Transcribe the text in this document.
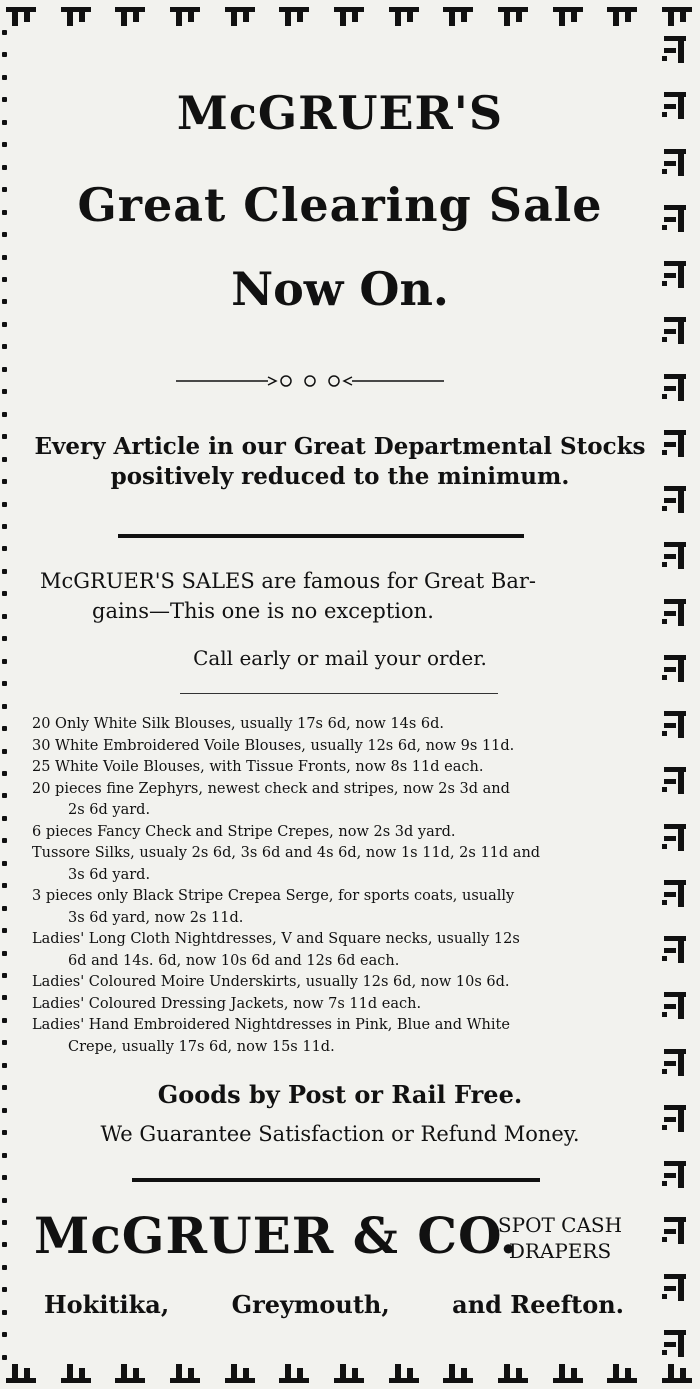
McGRUER'S
Great Clearing Sale
Now On.
Every Article in our Great Departmental Stocks
positively reduced to the minimum.
McGRUER'S SALES are famous for Great Bar-
gains—This one is no exception.
Call early or mail your order.
20 Only White Silk Blouses, usually 17s 6d, now 14s 6d.
30 White Embroidered Voile Blouses, usually 12s 6d, now 9s 11d.
25 White Voile Blouses, with Tissue Fronts, now 8s 11d each.
20 pieces fine Zephyrs, newest check and stripes, now 2s 3d and
2s 6d yard.
6 pieces Fancy Check and Stripe Crepes, now 2s 3d yard.
Tussore Silks, usualy 2s 6d, 3s 6d and 4s 6d, now 1s 11d, 2s 11d and
3s 6d yard.
3 pieces only Black Stripe Crepea Serge, for sports coats, usually
3s 6d yard, now 2s 11d.
Ladies' Long Cloth Nightdresses, V and Square necks, usually 12s
6d and 14s. 6d, now 10s 6d and 12s 6d each.
Ladies' Coloured Moire Underskirts, usually 12s 6d, now 10s 6d.
Ladies' Coloured Dressing Jackets, now 7s 11d each.
Ladies' Hand Embroidered Nightdresses in Pink, Blue and White
Crepe, usually 17s 6d, now 15s 11d.
Goods by Post or Rail Free.
We Guarantee Satisfaction or Refund Money.
McGRUER & CO.
SPOT CASH
DRAPERS
Hokitika,	Greymouth,	and Reefton.
